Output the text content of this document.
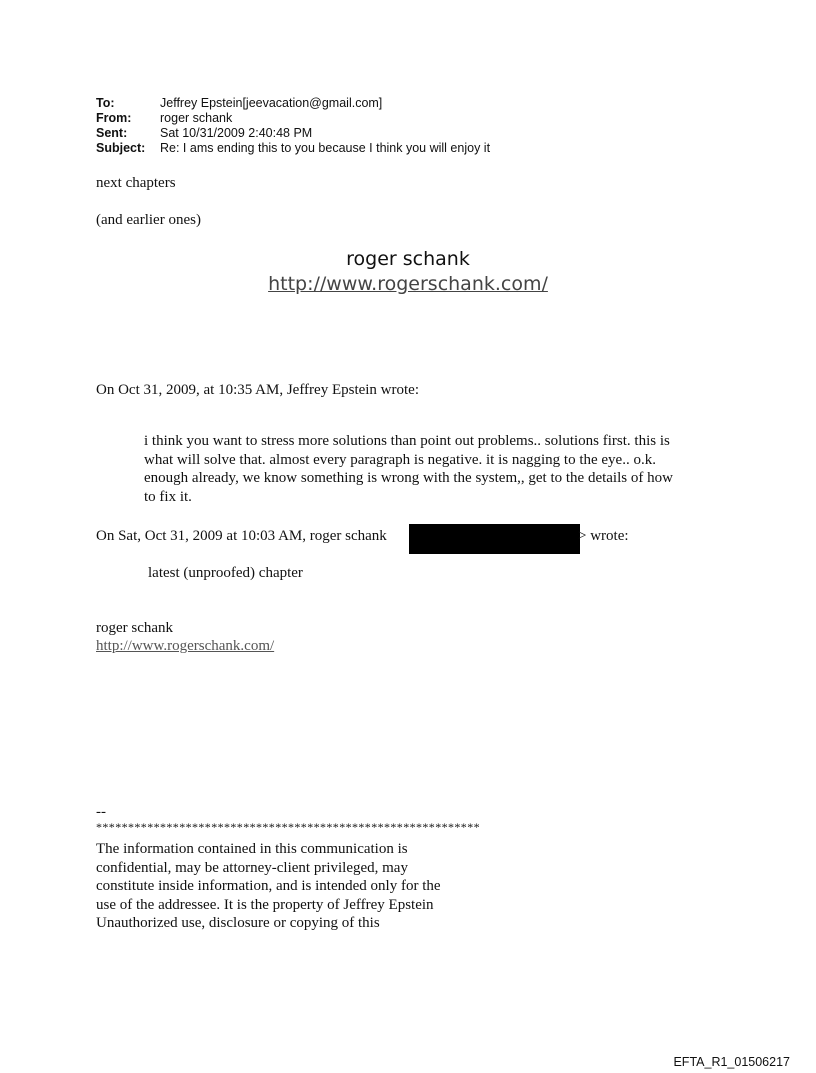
To:	Jeffrey Epstein[jeevacation@gmail.com]
From:	roger schank
Sent:	Sat 10/31/2009 2:40:48 PM
Subject:	Re: I ams ending this to you because I think you will enjoy it
next chapters
(and earlier ones)
roger schank
http://www.rogerschank.com/
On Oct 31, 2009, at 10:35 AM, Jeffrey Epstein wrote:
i think you want to stress more solutions than point out problems.. solutions first. this is what will solve that. almost every paragraph is negative. it is nagging to the eye.. o.k. enough already, we know something is wrong with the system,, get to the details of how to fix it.
On Sat, Oct 31, 2009 at 10:03 AM, roger schank	> wrote:
latest (unproofed) chapter
roger schank
http://www.rogerschank.com/
--
************************************************************
The information contained in this communication is confidential, may be attorney-client privileged, may constitute inside information, and is intended only for the use of the addressee. It is the property of Jeffrey Epstein Unauthorized use, disclosure or copying of this
EFTA_R1_01506217
